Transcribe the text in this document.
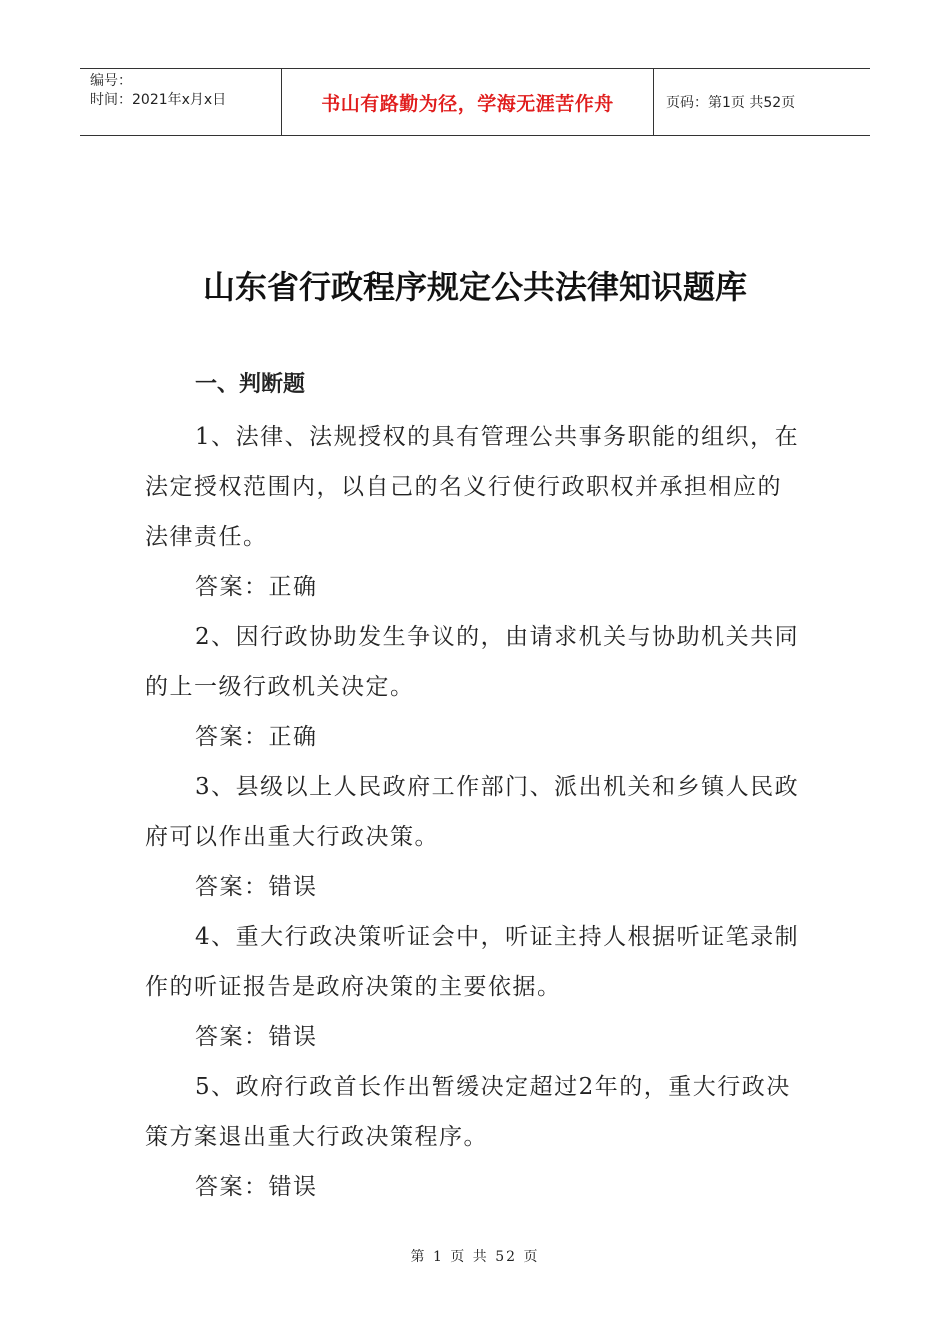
编号：
时间：2021年x月x日	书山有路勤为径，学海无涯苦作舟	页码：第1页 共52页
山东省行政程序规定公共法律知识题库
一、判断题

1、法律、法规授权的具有管理公共事务职能的组织，在法定授权范围内，以自己的名义行使行政职权并承担相应的法律责任。

答案：正确

2、因行政协助发生争议的，由请求机关与协助机关共同的上一级行政机关决定。

答案：正确

3、县级以上人民政府工作部门、派出机关和乡镇人民政府可以作出重大行政决策。

答案：错误

4、重大行政决策听证会中，听证主持人根据听证笔录制作的听证报告是政府决策的主要依据。

答案：错误

5、政府行政首长作出暂缓决定超过2年的，重大行政决策方案退出重大行政决策程序。

答案：错误

第 1 页 共 52 页
